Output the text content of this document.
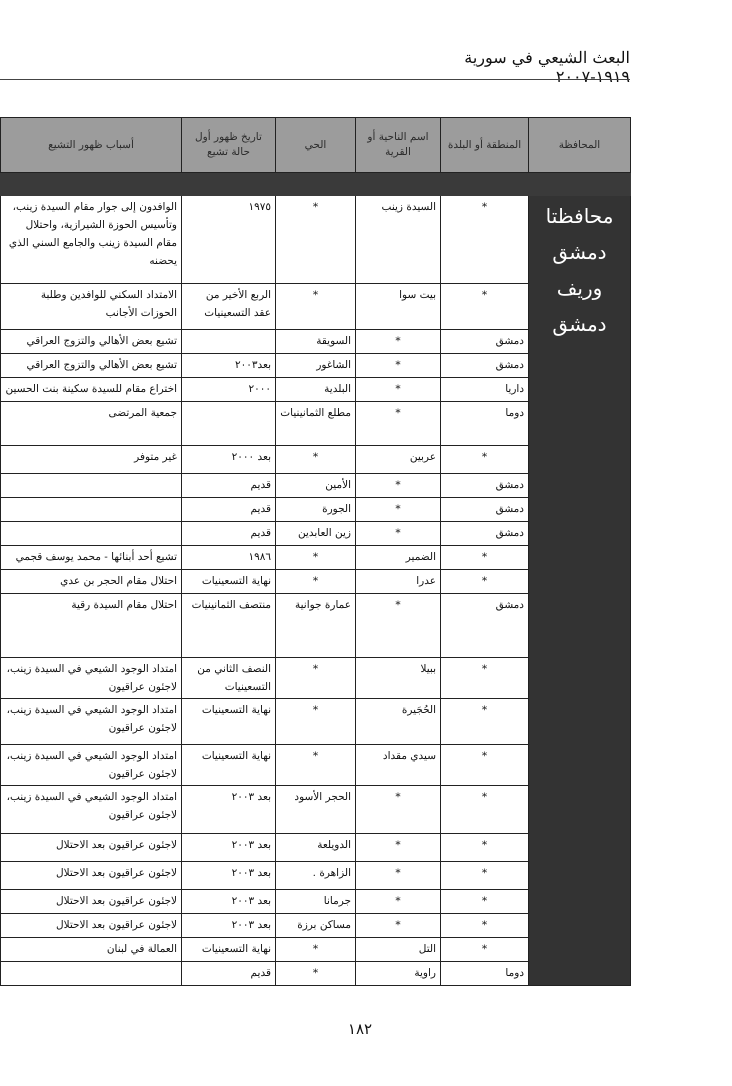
البعث الشيعي في سورية ١٩١٩-٢٠٠٧
المحافظة	المنطقة أو البلدة	اسم الناحية أو القرية	الحي	تاريخ ظهور أول حالة تشيع	أسباب ظهور التشيع

محافظتا
دمشق
وريف
دمشق	*	السيدة زينب	*	١٩٧٥	الوافدون إلى جوار مقام السيدة زينب، وتأسيس الحوزة الشيرازية، واحتلال مقام السيدة زينب والجامع السني الذي يحضنه
	*	بيت سوا	*	الربع الأخير من عقد التسعينيات	الامتداد السكني للوافدين وطلبة الحوزات الأجانب
	دمشق	*	السويقة		تشيع بعض الأهالي والتزوج العراقي
	دمشق	*	الشاغور	بعد٢٠٠٣	تشيع بعض الأهالي والتزوج العراقي
	داريا	*	البلدية	٢٠٠٠	اختراع مقام للسيدة سكينة بنت الحسين
	دوما	*	مطلع الثمانينيات		جمعية المرتضى
	*	عربين	*	بعد ٢٠٠٠	غير متوفر
	دمشق	*	الأمين	قديم	
	دمشق	*	الجورة	قديم	
	دمشق	*	زين العابدين	قديم	
	*	الضمير	*	١٩٨٦	تشيع أحد أبنائها - محمد يوسف قجمي
	*	عدرا	*	نهاية التسعينيات	احتلال مقام الحجر بن عدي
	دمشق	*	عمارة جوانية	منتصف الثمانينيات	احتلال مقام السيدة رقية
	*	ببيلا	*	النصف الثاني من التسعينيات	امتداد الوجود الشيعي في السيدة زينب، لاجئون عراقيون
	*	الحُجَيرة	*	نهاية التسعينيات	امتداد الوجود الشيعي في السيدة زينب، لاجئون عراقيون
	*	سيدي مقداد	*	نهاية التسعينيات	امتداد الوجود الشيعي في السيدة زينب، لاجئون عراقيون
	*	*	الحجر الأسود	بعد ٢٠٠٣	امتداد الوجود الشيعي في السيدة زينب، لاجئون عراقيون
	*	*	الدويلعة	بعد ٢٠٠٣	لاجئون عراقيون بعد الاحتلال
	*	*	الزاهرة .	بعد ٢٠٠٣	لاجئون عراقيون بعد الاحتلال
	*	*	جرمانا	بعد ٢٠٠٣	لاجئون عراقيون بعد الاحتلال
	*	*	مساكن برزة	بعد ٢٠٠٣	لاجئون عراقيون بعد الاحتلال
	*	التل	*	نهاية التسعينيات	العمالة في لبنان
	دوما	راوية	*	قديم	
١٨٢
